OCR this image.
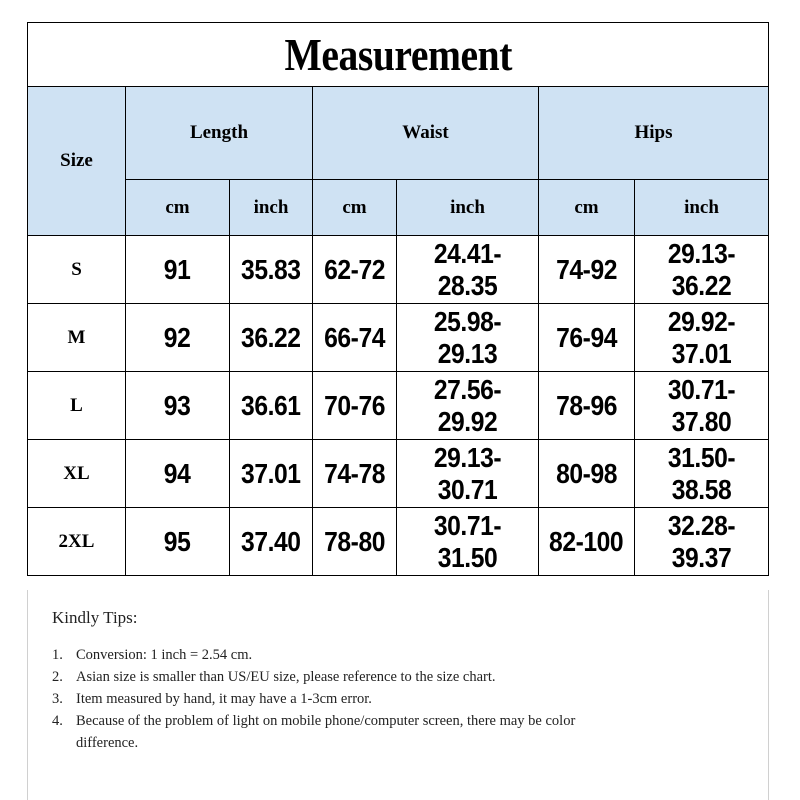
Measurement						
Size	Length		Waist		Hips	
	cm	inch	cm	inch	cm	inch
S	91	35.83	62-72	24.41-28.35	74-92	29.13-36.22
M	92	36.22	66-74	25.98-29.13	76-94	29.92-37.01
L	93	36.61	70-76	27.56-29.92	78-96	30.71-37.80
XL	94	37.01	74-78	29.13-30.71	80-98	31.50-38.58
2XL	95	37.40	78-80	30.71-31.50	82-100	32.28-39.37
Kindly Tips:
1. Conversion: 1 inch = 2.54 cm.
2. Asian size is smaller than US/EU size, please reference to the size chart.
3. Item measured by hand, it may have a 1-3cm error.
4. Because of the problem of light on mobile phone/computer screen, there may be color difference.
